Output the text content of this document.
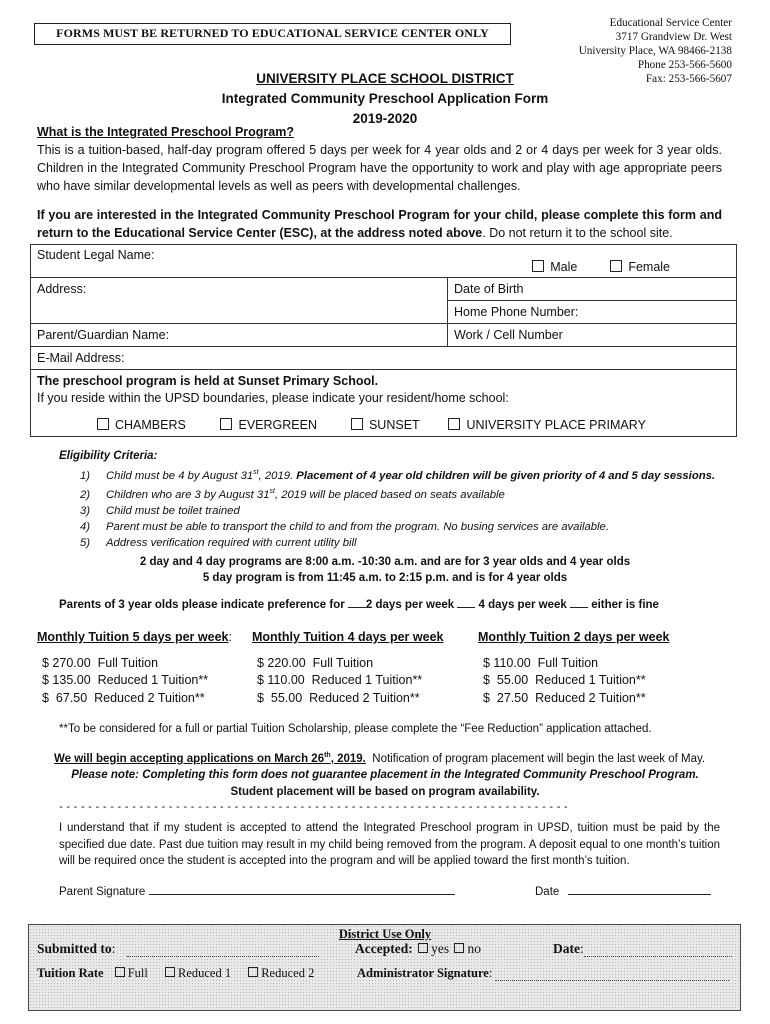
FORMS MUST BE RETURNED TO EDUCATIONAL SERVICE CENTER ONLY
Educational Service Center
3717 Grandview Dr. West
University Place, WA 98466-2138
Phone 253-566-5600
Fax: 253-566-5607
UNIVERSITY PLACE SCHOOL DISTRICT
Integrated Community Preschool Application Form
2019-2020
What is the Integrated Preschool Program?
This is a tuition-based, half-day program offered 5 days per week for 4 year olds and 2 or 4 days per week for 3 year olds. Children in the Integrated Community Preschool Program have the opportunity to work and play with age appropriate peers who have similar developmental levels as well as peers with developmental challenges.
If you are interested in the Integrated Community Preschool Program for your child, please complete this form and return to the Educational Service Center (ESC), at the address noted above. Do not return it to the school site.
Student Legal Name:
Male Female	

Address:	Date of Birth
	Home Phone Number:
Parent/Guardian Name:	Work / Cell Number
E-Mail Address:	

The preschool program is held at Sunset Primary School.
If you reside within the UPSD boundaries, please indicate your resident/home school:
CHAMBERS EVERGREEN SUNSET UNIVERSITY PLACE PRIMARY	
Eligibility Criteria:
1) Child must be 4 by August 31st, 2019. Placement of 4 year old children will be given priority of 4 and 5 day sessions.
2) Children who are 3 by August 31st, 2019 will be placed based on seats available
3) Child must be toilet trained
4) Parent must be able to transport the child to and from the program. No busing services are available.
5) Address verification required with current utility bill
2 day and 4 day programs are 8:00 a.m. -10:30 a.m. and are for 3 year olds and 4 year olds
5 day program is from 11:45 a.m. to 2:15 p.m. and is for 4 year olds
Parents of 3 year olds please indicate preference for 2 days per week 4 days per week either is fine
Monthly Tuition 5 days per week:
$ 270.00  Full Tuition
$ 135.00  Reduced 1 Tuition**
$  67.50  Reduced 2 Tuition**
Monthly Tuition 4 days per week
$ 220.00  Full Tuition
$ 110.00  Reduced 1 Tuition**
$  55.00  Reduced 2 Tuition**
Monthly Tuition 2 days per week
$ 110.00  Full Tuition
$  55.00  Reduced 1 Tuition**
$  27.50  Reduced 2 Tuition**
**To be considered for a full or partial Tuition Scholarship, please complete the “Fee Reduction” application attached.
We will begin accepting applications on March 26th, 2019.  Notification of program placement will begin the last week of May.
Please note: Completing this form does not guarantee placement in the Integrated Community Preschool Program.
Student placement will be based on program availability.
- - - - - - - - - - - - - - - - - - - - - - - - - - - - - - - - - - - - - - - - - - - - - - - - - - - - - - - - - - - - - - - - - - - - - -
I understand that if my student is accepted to attend the Integrated Preschool program in UPSD, tuition must be paid by the specified due date. Past due tuition may result in my child being removed from the program. A deposit equal to one month’s tuition will be required once the student is accepted into the program and will be applied toward the first month’s tuition.
Parent Signature	Date
District Use Only
Submitted to:	Accepted: yes no	Date:
Tuition Rate Full Reduced 1 Reduced 2	Administrator Signature:
